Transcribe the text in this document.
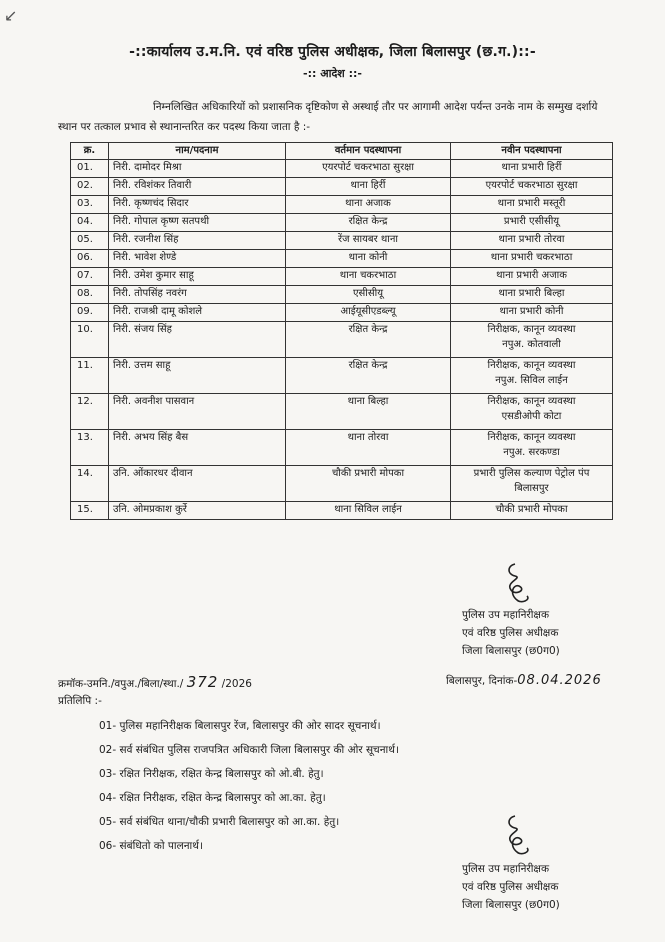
↙
-::कार्यालय उ.म.नि. एवं वरिष्ठ पुलिस अधीक्षक, जिला बिलासपुर (छ.ग.)::-
-:: आदेश ::-
निम्नलिखित अधिकारियों को प्रशासनिक दृष्टिकोण से अस्थाई तौर पर आगामी आदेश पर्यन्त उनके नाम के सम्मुख दर्शाये स्थान पर तत्काल प्रभाव से स्थानान्तरित कर पदस्थ किया जाता है :-
क्र.	नाम/पदनाम	वर्तमान पदस्थापना	नवीन पदस्थापना
01.	निरी. दामोदर मिश्रा	एयरपोर्ट चकरभाठा सुरक्षा	थाना प्रभारी हिर्री
02.	निरी. रविशंकर तिवारी	थाना हिर्री	एयरपोर्ट चकरभाठा सुरक्षा
03.	निरी. कृष्णचंद सिदार	थाना अजाक	थाना प्रभारी मस्तूरी
04.	निरी. गोपाल कृष्ण सतपथी	रक्षित केन्द्र	प्रभारी एसीसीयू
05.	निरी. रजनीश सिंह	रेंज सायबर थाना	थाना प्रभारी तोरवा
06.	निरी. भावेश शेण्डे	थाना कोनी	थाना प्रभारी चकरभाठा
07.	निरी. उमेश कुमार साहू	थाना चकरभाठा	थाना प्रभारी अजाक
08.	निरी. तोपसिंह नवरंग	एसीसीयू	थाना प्रभारी बिल्हा
09.	निरी. राजश्री दामू कोशले	आईयूसीएडब्ल्यू	थाना प्रभारी कोनी
10.	निरी. संजय सिंह	रक्षित केन्द्र	निरीक्षक, कानून व्यवस्था
नपुअ. कोतवाली

11.	निरी. उत्तम साहू	रक्षित केन्द्र	निरीक्षक, कानून व्यवस्था
नपुअ. सिविल लाईन

12.	निरी. अवनीश पासवान	थाना बिल्हा	निरीक्षक, कानून व्यवस्था
एसडीओपी कोटा

13.	निरी. अभय सिंह बैस	थाना तोरवा	निरीक्षक, कानून व्यवस्था
नपुअ. सरकण्डा

14.	उनि. ओंकारधर दीवान	चौकी प्रभारी मोपका	प्रभारी पुलिस कल्याण पेट्रोल पंप
बिलासपुर

15.	उनि. ओमप्रकाश कुर्रे	थाना सिविल लाईन	चौकी प्रभारी मोपका
पुलिस उप महानिरीक्षक
एवं वरिष्ठ पुलिस अधीक्षक
जिला बिलासपुर (छ0ग0)
क्रमॉक-उमनि./वपुअ./बिला/स्था./ 372 /2026	बिलासपुर, दिनांक-08.04.2026
प्रतिलिपि :-
01- पुलिस महानिरीक्षक बिलासपुर रेंज, बिलासपुर की ओर सादर सूचनार्थ।
02- सर्व संबंधित पुलिस राजपत्रित अधिकारी जिला बिलासपुर की ओर सूचनार्थ।
03- रक्षित निरीक्षक, रक्षित केन्द्र बिलासपुर को ओ.बी. हेतु।
04- रक्षित निरीक्षक, रक्षित केन्द्र बिलासपुर को आ.का. हेतु।
05- सर्व संबंधित थाना/चौकी प्रभारी बिलासपुर को आ.का. हेतु।
06- संबंधितो को पालनार्थ।
पुलिस उप महानिरीक्षक
एवं वरिष्ठ पुलिस अधीक्षक
जिला बिलासपुर (छ0ग0)
